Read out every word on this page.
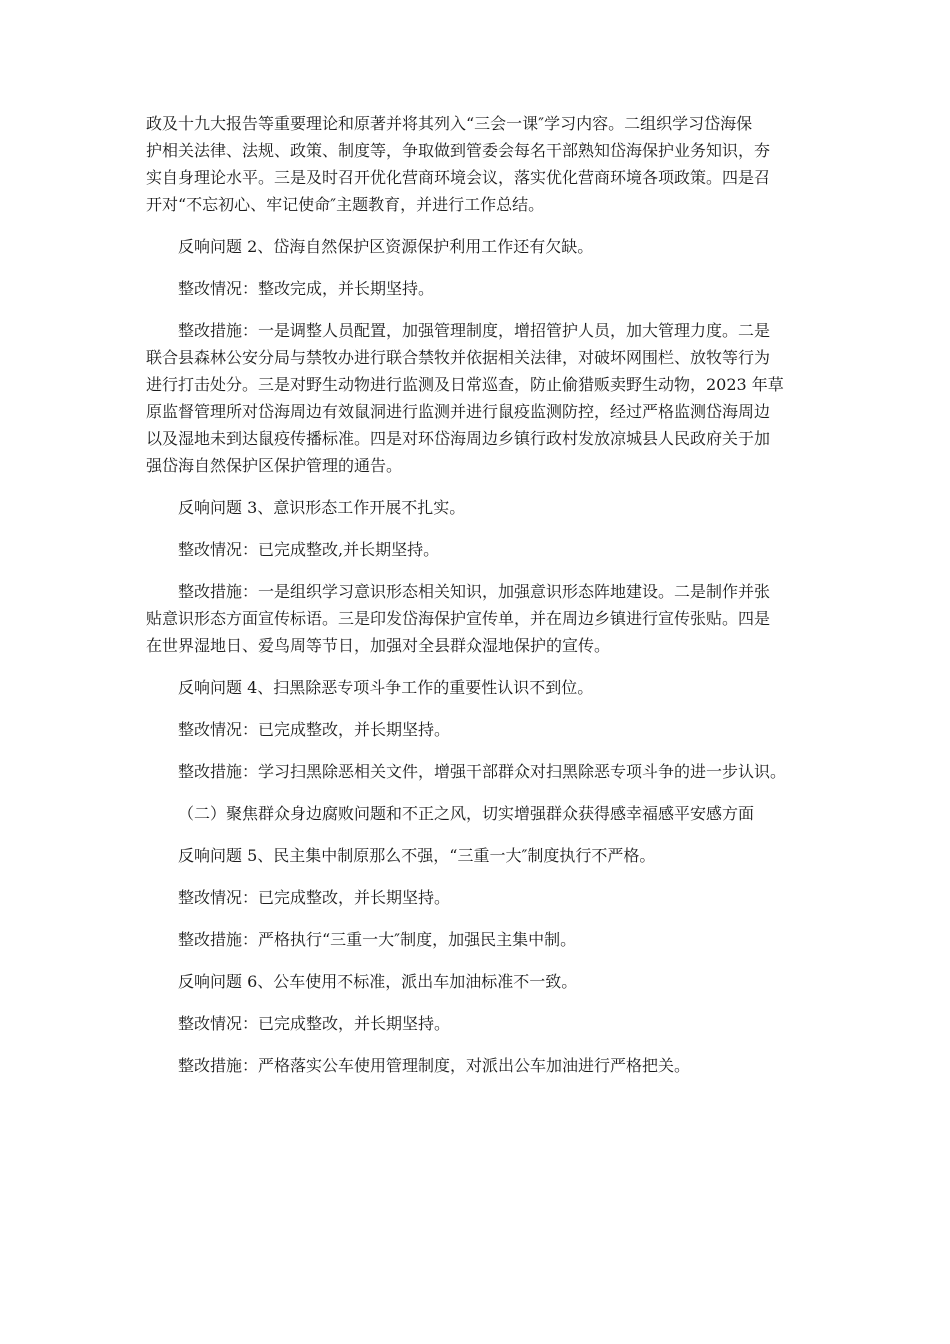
政及十九大报告等重要理论和原著并将其列入“三会一课″学习内容。二组织学习岱海保
护相关法律、法规、政策、制度等，争取做到管委会每名干部熟知岱海保护业务知识，夯
实自身理论水平。三是及时召开优化营商环境会议，落实优化营商环境各项政策。四是召
开对“不忘初心、牢记使命″主题教育，并进行工作总结。

反响问题 2、岱海自然保护区资源保护利用工作还有欠缺。

整改情况：整改完成，并长期坚持。

整改措施：一是调整人员配置，加强管理制度，增招管护人员，加大管理力度。二是
联合县森林公安分局与禁牧办进行联合禁牧并依据相关法律，对破坏网围栏、放牧等行为
进行打击处分。三是对野生动物进行监测及日常巡查，防止偷猎贩卖野生动物，2023 年草
原监督管理所对岱海周边有效鼠洞进行监测并进行鼠疫监测防控，经过严格监测岱海周边
以及湿地未到达鼠疫传播标准。四是对环岱海周边乡镇行政村发放凉城县人民政府关于加
强岱海自然保护区保护管理的通告。

反响问题 3、意识形态工作开展不扎实。

整改情况：已完成整改,并长期坚持。

整改措施：一是组织学习意识形态相关知识，加强意识形态阵地建设。二是制作并张
贴意识形态方面宣传标语。三是印发岱海保护宣传单，并在周边乡镇进行宣传张贴。四是
在世界湿地日、爱鸟周等节日，加强对全县群众湿地保护的宣传。

反响问题 4、扫黑除恶专项斗争工作的重要性认识不到位。

整改情况：已完成整改，并长期坚持。

整改措施：学习扫黑除恶相关文件，增强干部群众对扫黑除恶专项斗争的进一步认识。

（二）聚焦群众身边腐败问题和不正之风，切实增强群众获得感幸福感平安感方面

反响问题 5、民主集中制原那么不强，“三重一大″制度执行不严格。

整改情况：已完成整改，并长期坚持。

整改措施：严格执行“三重一大″制度，加强民主集中制。

反响问题 6、公车使用不标准，派出车加油标准不一致。

整改情况：已完成整改，并长期坚持。

整改措施：严格落实公车使用管理制度，对派出公车加油进行严格把关。
